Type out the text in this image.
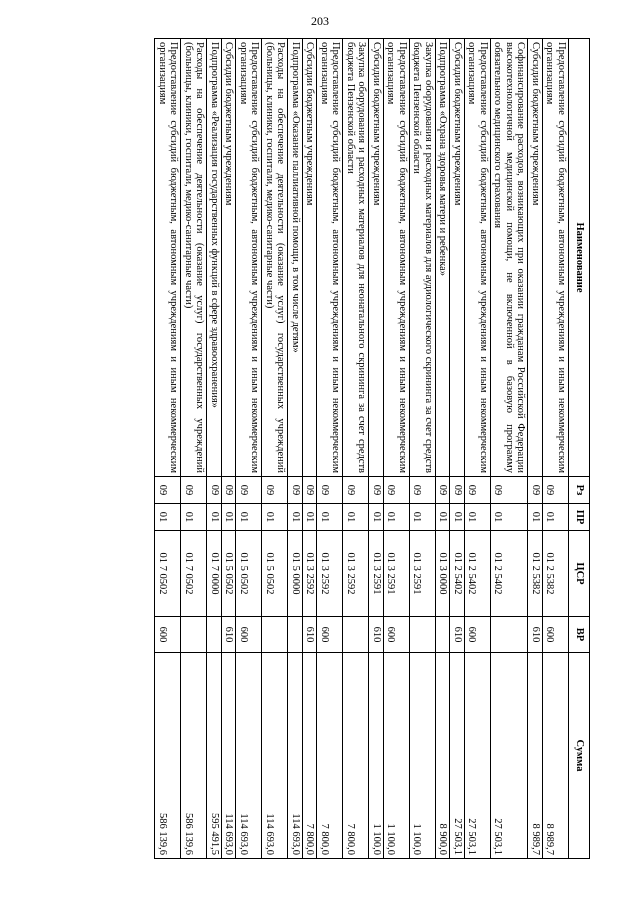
203
Наименование	Рз	ПР	ЦСР	ВР	Сумма
Предоставление субсидий бюджетным, автономным учреждениям и иным некоммерческим организациям	09	01	01 2 5382	600	8 989,7
Субсидии бюджетным учреждениям	09	01	01 2 5382	610	8 989,7
Софинансирование расходов, возникающих при оказании гражданам Российской Федерации высокотехнологичной медицинской помощи, не включенной в базовую программу обязательного медицинского страхования	09	01	01 2 5402		27 503,1
Предоставление субсидий бюджетным, автономным учреждениям и иным некоммерческим организациям	09	01	01 2 5402	600	27 503,1
Субсидии бюджетным учреждениям	09	01	01 2 5402	610	27 503,1
Подпрограмма «Охрана здоровья матери и ребенка»	09	01	01 3 0000		8 900,0
Закупка оборудования и расходных материалов для аудиологического скрининга за счет средств бюджета Пензенской области	09	01	01 3 2591		1 100,0
Предоставление субсидий бюджетным, автономным учреждениям и иным некоммерческим организациям	09	01	01 3 2591	600	1 100,0
Субсидии бюджетным учреждениям	09	01	01 3 2591	610	1 100,0
Закупка оборудования и расходных материалов для неонатального скрининга за счет средств бюджета Пензенской области	09	01	01 3 2592		7 800,0
Предоставление субсидий бюджетным, автономным учреждениям и иным некоммерческим организациям	09	01	01 3 2592	600	7 800,0
Субсидии бюджетным учреждениям	09	01	01 3 2592	610	7 800,0
Подпрограмма «Оказание паллиативной помощи, в том числе детям»	09	01	01 5 0000		114 693,0
Расходы на обеспечение деятельности (оказание услуг) государственных учреждений (больницы, клиники, госпитали, медико-санитарные части)	09	01	01 5 0502		114 693,0
Предоставление субсидий бюджетным, автономным учреждениям и иным некоммерческим организациям	09	01	01 5 0502	600	114 693,0
Субсидии бюджетным учреждениям	09	01	01 5 0502	610	114 693,0
Подпрограмма «Реализация государственных функций в сфере здравоохранения»	09	01	01 7 0000		595 491,5
Расходы на обеспечение деятельности (оказание услуг) государственных учреждений (больницы, клиники, госпитали, медико-санитарные части)	09	01	01 7 0502		586 139,6
Предоставление субсидий бюджетным, автономным учреждениям и иным некоммерческим организациям	09	01	01 7 0502	600	586 139,6
